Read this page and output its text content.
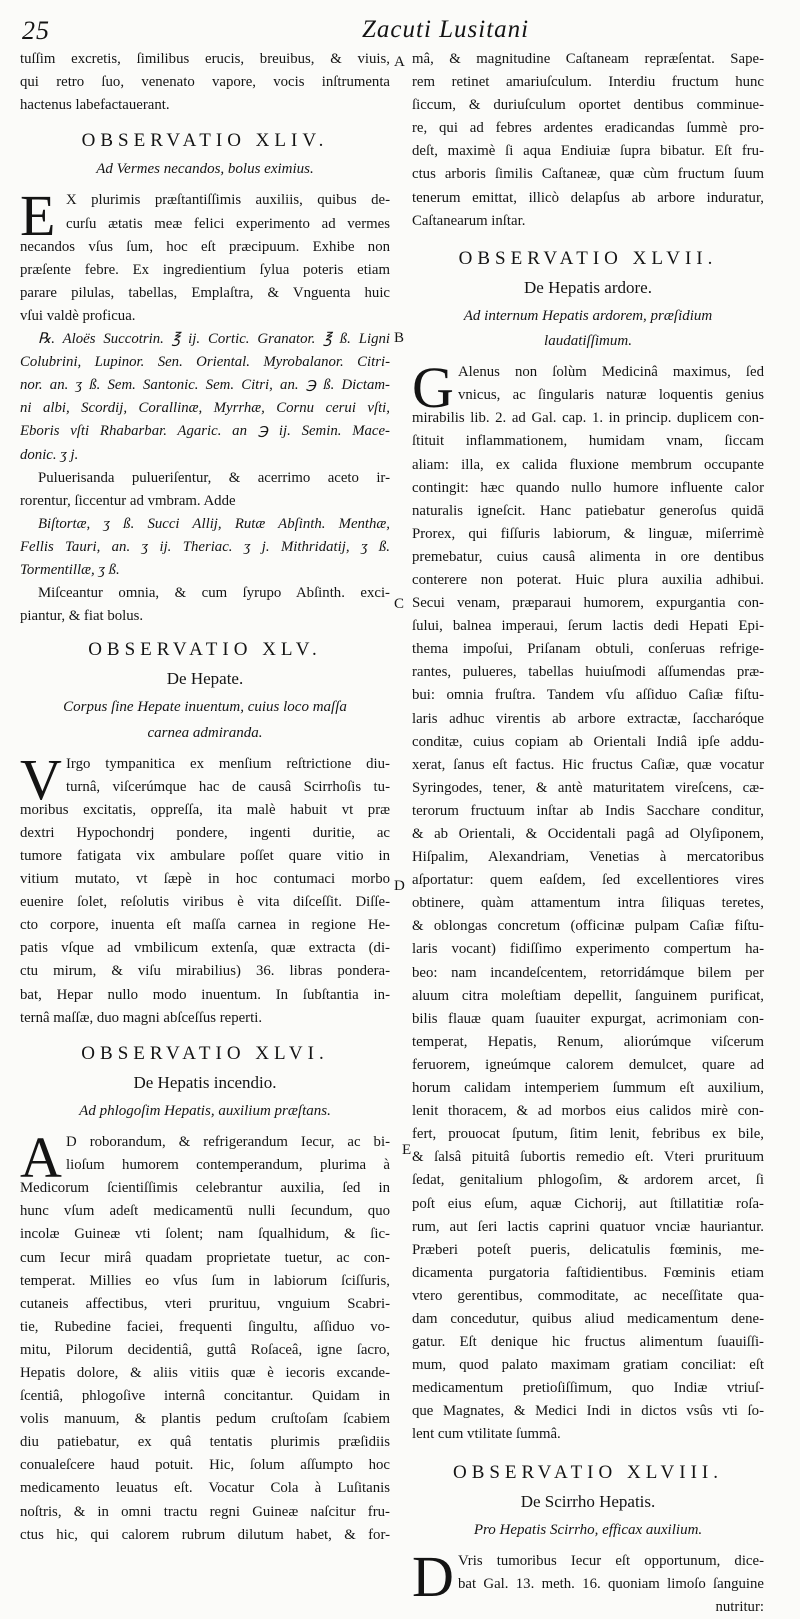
25	Zacuti Lusitani
A
B
C
D
E
tuſſim excretis, ſimilibus erucis, breuibus, & viuis,
qui retro ſuo, venenato vapore, vocis inſtrumenta
hactenus labefactauerant.
OBSERVATIO XLIV.
Ad Vermes necandos, bolus eximius.
E X plurimis præſtantiſſimis auxiliis, quibus de-
curſu ætatis meæ felici experimento ad vermes
necandos vſus ſum, hoc eſt præcipuum. Exhibe non
præſente febre. Ex ingredientium ſylua poteris etiam
parare pilulas, tabellas, Emplaſtra, & Vnguenta huic
vſui valdè proficua.
℞. Aloës Succotrin. ℥ ij. Cortic. Granator. ℥ ß. Ligni
Colubrini, Lupinor. Sen. Oriental. Myrobalanor. Citri-
nor. an. ʒ ß. Sem. Santonic. Sem. Citri, an. ℈ ß. Dictam-
ni albi, Scordij, Corallinæ, Myrrhæ, Cornu cerui vſti,
Eboris vſti Rhabarbar. Agaric. an ℈ ij. Semin. Mace-
donic. ʒ j.
Puluerisanda pulueriſentur, & acerrimo aceto ir-
rorentur, ſiccentur ad vmbram. Adde
Biſtortæ, ʒ ß. Succi Allij, Rutæ Abſinth. Menthæ,
Fellis Tauri, an. ʒ ij. Theriac. ʒ j. Mithridatij, ʒ ß.
Tormentillæ, ʒ ß.
Miſceantur omnia, & cum ſyrupo Abſinth. exci-
piantur, & fiat bolus.
OBSERVATIO XLV.
De Hepate.
Corpus ſine Hepate inuentum, cuius loco maſſa
carnea admiranda.
V Irgo tympanitica ex menſium reſtrictione diu-
turnâ, viſcerúmque hac de causâ Scirrhoſis tu-
moribus excitatis, oppreſſa, ita malè habuit vt præ
dextri Hypochondrj pondere, ingenti duritie, ac
tumore fatigata vix ambulare poſſet quare vitio in
vitium mutato, vt ſæpè in hoc contumaci morbo
euenire ſolet, reſolutis viribus è vita diſceſſit. Diſſe-
cto corpore, inuenta eſt maſſa carnea in regione He-
patis vſque ad vmbilicum extenſa, quæ extracta (di-
ctu mirum, & viſu mirabilius) 36. libras pondera-
bat, Hepar nullo modo inuentum. In ſubſtantia in-
ternâ maſſæ, duo magni abſceſſus reperti.
OBSERVATIO XLVI.
De Hepatis incendio.
Ad phlogoſim Hepatis, auxilium præſtans.
A D roborandum, & refrigerandum Iecur, ac bi-
lioſum humorem contemperandum, plurima à
Medicorum ſcientiſſimis celebrantur auxilia, ſed in
hunc vſum adeſt medicamentū nulli ſecundum, quo
incolæ Guineæ vti ſolent; nam ſqualhidum, & ſic-
cum Iecur mirâ quadam proprietate tuetur, ac con-
temperat. Millies eo vſus ſum in labiorum ſciſſuris,
cutaneis affectibus, vteri prurituu, vnguium Scabri-
tie, Rubedine faciei, frequenti ſingultu, aſſiduo vo-
mitu, Pilorum decidentiâ, guttâ Roſaceâ, igne ſacro,
Hepatis dolore, & aliis vitiis quæ è iecoris excande-
ſcentiâ, phlogoſive internâ concitantur. Quidam in
volis manuum, & plantis pedum cruſtoſam ſcabiem
diu patiebatur, ex quâ tentatis plurimis præſidiis
conualeſcere haud potuit. Hic, ſolum aſſumpto hoc
medicamento leuatus eſt. Vocatur Cola à Luſitanis
noſtris, & in omni tractu regni Guineæ naſcitur fru-
ctus hic, qui calorem rubrum dilutum habet, & for-
mâ, & magnitudine Caſtaneam repræſentat. Sape-
rem retinet amariuſculum. Interdiu fructum hunc
ſiccum, & duriuſculum oportet dentibus comminue-
re, qui ad febres ardentes eradicandas ſummè pro-
deſt, maximè ſi aqua Endiuiæ ſupra bibatur. Eſt fru-
ctus arboris ſimilis Caſtaneæ, quæ cùm fructum ſuum
tenerum emittat, illicò delapſus ab arbore induratur,
Caſtanearum inſtar.
OBSERVATIO XLVII.
De Hepatis ardore.
Ad internum Hepatis ardorem, præſidium
laudatiſſimum.
G Alenus non ſolùm Medicinâ maximus, ſed
vnicus, ac ſingularis naturæ loquentis genius
mirabilis lib. 2. ad Gal. cap. 1. in princip. duplicem con-
ſtituit inflammationem, humidam vnam, ſiccam
aliam: illa, ex calida fluxione membrum occupante
contingit: hæc quando nullo humore influente calor
naturalis igneſcit. Hanc patiebatur generoſus quidā
Prorex, qui fiſſuris labiorum, & linguæ, miſerrimè
premebatur, cuius causâ alimenta in ore dentibus
conterere non poterat. Huic plura auxilia adhibui.
Secui venam, præparaui humorem, expurgantia con-
ſului, balnea imperaui, ſerum lactis dedi Hepati Epi-
thema impoſui, Priſanam obtuli, conſeruas refrige-
rantes, pulueres, tabellas huiuſmodi aſſumendas præ-
bui: omnia fruſtra. Tandem vſu aſſiduo Caſiæ fiſtu-
laris adhuc virentis ab arbore extractæ, ſaccharóque
conditæ, cuius copiam ab Orientali Indiâ ipſe addu-
xerat, ſanus eſt factus. Hic fructus Caſiæ, quæ vocatur
Syringodes, tener, & antè maturitatem vireſcens, cæ-
terorum fructuum inſtar ab Indis Sacchare conditur,
& ab Orientali, & Occidentali pagâ ad Olyſiponem,
Hiſpalim, Alexandriam, Venetias à mercatoribus
aſportatur: quem eaſdem, ſed excellentiores vires
obtinere, quàm attamentum intra ſiliquas teretes,
& oblongas concretum (officinæ pulpam Caſiæ fiſtu-
laris vocant) fidiſſimo experimento compertum ha-
beo: nam incandeſcentem, retorridámque bilem per
aluum citra moleſtiam depellit, ſanguinem purificat,
bilis flauæ quam ſuauiter expurgat, acrimoniam con-
temperat, Hepatis, Renum, aliorúmque viſcerum
feruorem, igneúmque calorem demulcet, quare ad
horum calidam intemperiem ſummum eſt auxilium,
lenit thoracem, & ad morbos eius calidos mirè con-
fert, prouocat ſputum, ſitim lenit, febribus ex bile,
& ſalsâ pituitâ ſubortis remedio eſt. Vteri prurituum
ſedat, genitalium phlogoſim, & ardorem arcet, ſi
poſt eius eſum, aquæ Cichorij, aut ſtillatitiæ roſa-
rum, aut ſeri lactis caprini quatuor vnciæ hauriantur.
Præberi poteſt pueris, delicatulis fœminis, me-
dicamenta purgatoria faſtidientibus. Fœminis etiam
vtero gerentibus, commoditate, ac neceſſitate qua-
dam concedutur, quibus aliud medicamentum dene-
gatur. Eſt denique hic fructus alimentum ſuauiſſi-
mum, quod palato maximam gratiam conciliat: eſt
medicamentum pretioſiſſimum, quo Indiæ vtriuſ-
que Magnates, & Medici Indi in dictos vsûs vti ſo-
lent cum vtilitate ſummâ.
OBSERVATIO XLVIII.
De Scirrho Hepatis.
Pro Hepatis Scirrho, efficax auxilium.
D Vris tumoribus Iecur eſt opportunum, dice-
bat Gal. 13. meth. 16. quoniam limoſo ſanguine
nutritur:
